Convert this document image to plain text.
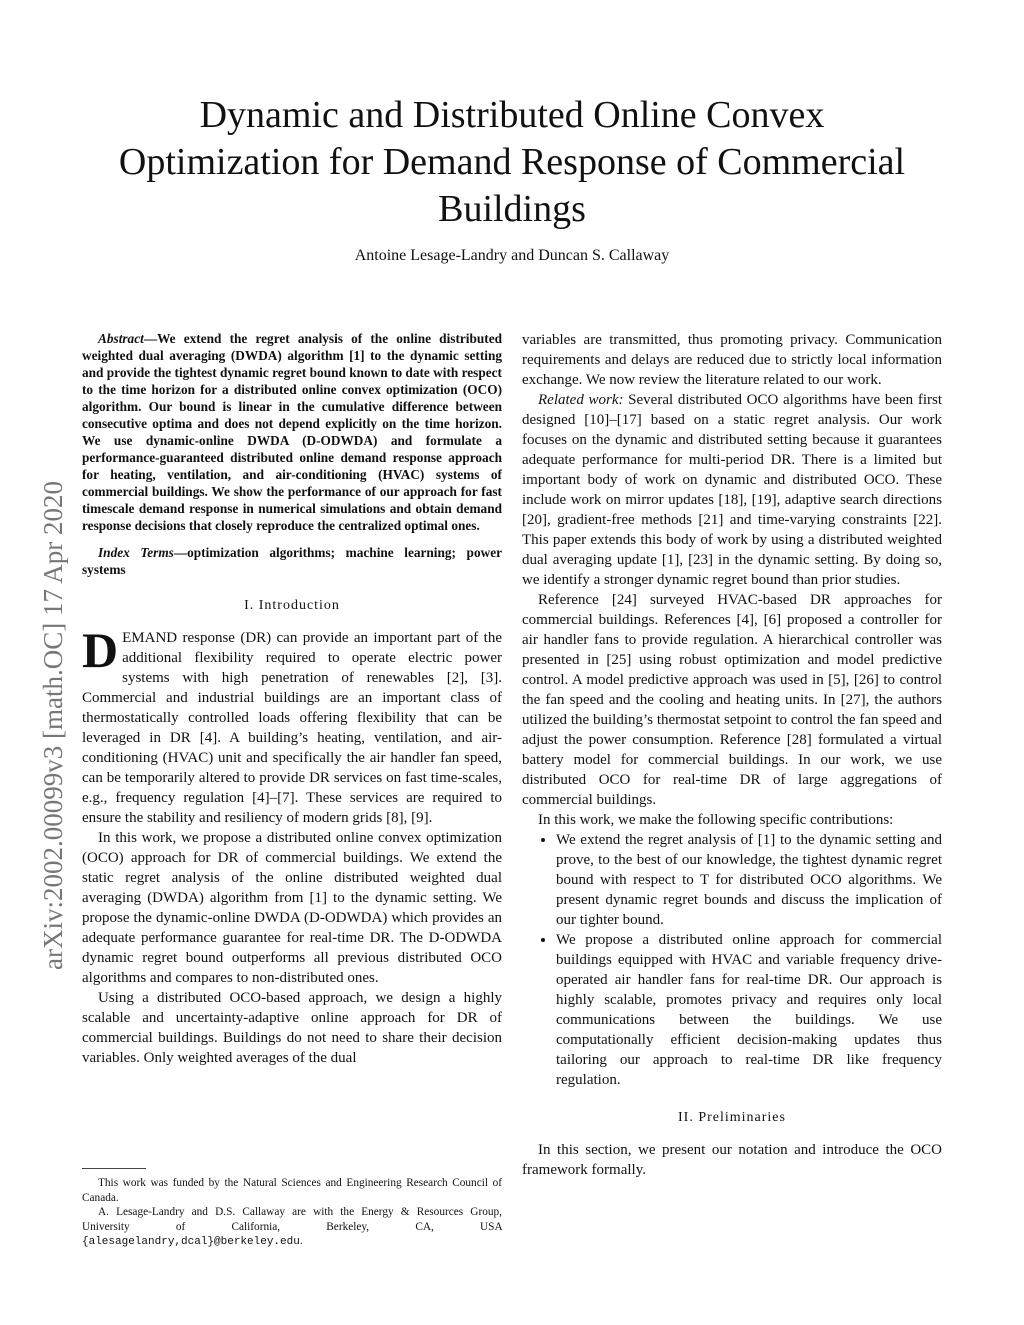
arXiv:2002.00099v3 [math.OC] 17 Apr 2020
Dynamic and Distributed Online Convex Optimization for Demand Response of Commercial Buildings
Antoine Lesage-Landry and Duncan S. Callaway

Abstract—We extend the regret analysis of the online distributed weighted dual averaging (DWDA) algorithm [1] to the dynamic setting and provide the tightest dynamic regret bound known to date with respect to the time horizon for a distributed online convex optimization (OCO) algorithm. Our bound is linear in the cumulative difference between consecutive optima and does not depend explicitly on the time horizon. We use dynamic-online DWDA (D-ODWDA) and formulate a performance-guaranteed distributed online demand response approach for heating, ventilation, and air-conditioning (HVAC) systems of commercial buildings. We show the performance of our approach for fast timescale demand response in numerical simulations and obtain demand response decisions that closely reproduce the centralized optimal ones.

Index Terms—optimization algorithms; machine learning; power systems

I. Introduction

DEMAND response (DR) can provide an important part of the additional flexibility required to operate electric power systems with high penetration of renewables [2], [3]. Commercial and industrial buildings are an important class of thermostatically controlled loads offering flexibility that can be leveraged in DR [4]. A building’s heating, ventilation, and air-conditioning (HVAC) unit and specifically the air handler fan speed, can be temporarily altered to provide DR services on fast time-scales, e.g., frequency regulation [4]–[7]. These services are required to ensure the stability and resiliency of modern grids [8], [9].

In this work, we propose a distributed online convex optimization (OCO) approach for DR of commercial buildings. We extend the static regret analysis of the online distributed weighted dual averaging (DWDA) algorithm from [1] to the dynamic setting. We propose the dynamic-online DWDA (D-ODWDA) which provides an adequate performance guarantee for real-time DR. The D-ODWDA dynamic regret bound outperforms all previous distributed OCO algorithms and compares to non-distributed ones.

Using a distributed OCO-based approach, we design a highly scalable and uncertainty-adaptive online approach for DR of commercial buildings. Buildings do not need to share their decision variables. Only weighted averages of the dual

This work was funded by the Natural Sciences and Engineering Research Council of Canada.

A. Lesage-Landry and D.S. Callaway are with the Energy & Resources Group, University of California, Berkeley, CA, USA {alesagelandry,dcal}@berkeley.edu.

variables are transmitted, thus promoting privacy. Communication requirements and delays are reduced due to strictly local information exchange. We now review the literature related to our work.

Related work: Several distributed OCO algorithms have been first designed [10]–[17] based on a static regret analysis. Our work focuses on the dynamic and distributed setting because it guarantees adequate performance for multi-period DR. There is a limited but important body of work on dynamic and distributed OCO. These include work on mirror updates [18], [19], adaptive search directions [20], gradient-free methods [21] and time-varying constraints [22]. This paper extends this body of work by using a distributed weighted dual averaging update [1], [23] in the dynamic setting. By doing so, we identify a stronger dynamic regret bound than prior studies.

Reference [24] surveyed HVAC-based DR approaches for commercial buildings. References [4], [6] proposed a controller for air handler fans to provide regulation. A hierarchical controller was presented in [25] using robust optimization and model predictive control. A model predictive approach was used in [5], [26] to control the fan speed and the cooling and heating units. In [27], the authors utilized the building’s thermostat setpoint to control the fan speed and adjust the power consumption. Reference [28] formulated a virtual battery model for commercial buildings. In our work, we use distributed OCO for real-time DR of large aggregations of commercial buildings.

In this work, we make the following specific contributions:

• We extend the regret analysis of [1] to the dynamic setting and prove, to the best of our knowledge, the tightest dynamic regret bound with respect to T for distributed OCO algorithms. We present dynamic regret bounds and discuss the implication of our tighter bound.
• We propose a distributed online approach for commercial buildings equipped with HVAC and variable frequency drive-operated air handler fans for real-time DR. Our approach is highly scalable, promotes privacy and requires only local communications between the buildings. We use computationally efficient decision-making updates thus tailoring our approach to real-time DR like frequency regulation.
II. Preliminaries

In this section, we present our notation and introduce the OCO framework formally.
